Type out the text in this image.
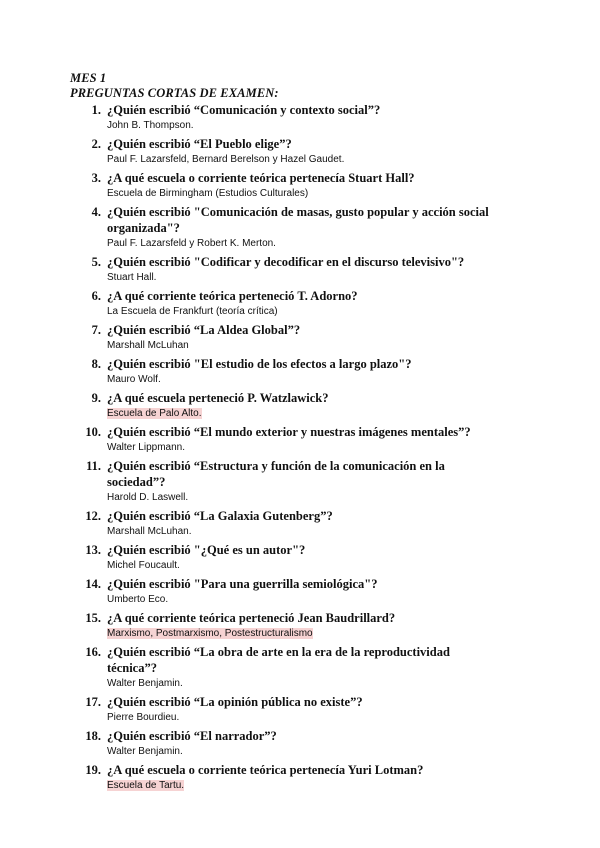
MES 1
PREGUNTAS CORTAS DE EXAMEN:
1. ¿Quién escribió “Comunicación y contexto social”?
John B. Thompson.
2. ¿Quién escribió “El Pueblo elige”?
Paul F. Lazarsfeld, Bernard Berelson y Hazel Gaudet.
3. ¿A qué escuela o corriente teórica pertenecía Stuart Hall?
Escuela de Birmingham (Estudios Culturales)
4. ¿Quién escribió "Comunicación de masas, gusto popular y acción social organizada"?
Paul F. Lazarsfeld y Robert K. Merton.
5. ¿Quién escribió "Codificar y decodificar en el discurso televisivo"?
Stuart Hall.
6. ¿A qué corriente teórica perteneció T. Adorno?
La Escuela de Frankfurt (teoría crítica)
7. ¿Quién escribió “La Aldea Global”?
Marshall McLuhan
8. ¿Quién escribió "El estudio de los efectos a largo plazo"?
Mauro Wolf.
9. ¿A qué escuela perteneció P. Watzlawick?
Escuela de Palo Alto.
10. ¿Quién escribió “El mundo exterior y nuestras imágenes mentales”?
Walter Lippmann.
11. ¿Quién escribió “Estructura y función de la comunicación en la sociedad”?
Harold D. Laswell.
12. ¿Quién escribió “La Galaxia Gutenberg”?
Marshall McLuhan.
13. ¿Quién escribió "¿Qué es un autor"?
Michel Foucault.
14. ¿Quién escribió "Para una guerrilla semiológica"?
Umberto Eco.
15. ¿A qué corriente teórica perteneció Jean Baudrillard?
Marxismo, Postmarxismo, Postestructuralismo
16. ¿Quién escribió “La obra de arte en la era de la reproductividad técnica”?
Walter Benjamin.
17. ¿Quién escribió “La opinión pública no existe”?
Pierre Bourdieu.
18. ¿Quién escribió “El narrador”?
Walter Benjamin.
19. ¿A qué escuela o corriente teórica pertenecía Yuri Lotman?
Escuela de Tartu.
